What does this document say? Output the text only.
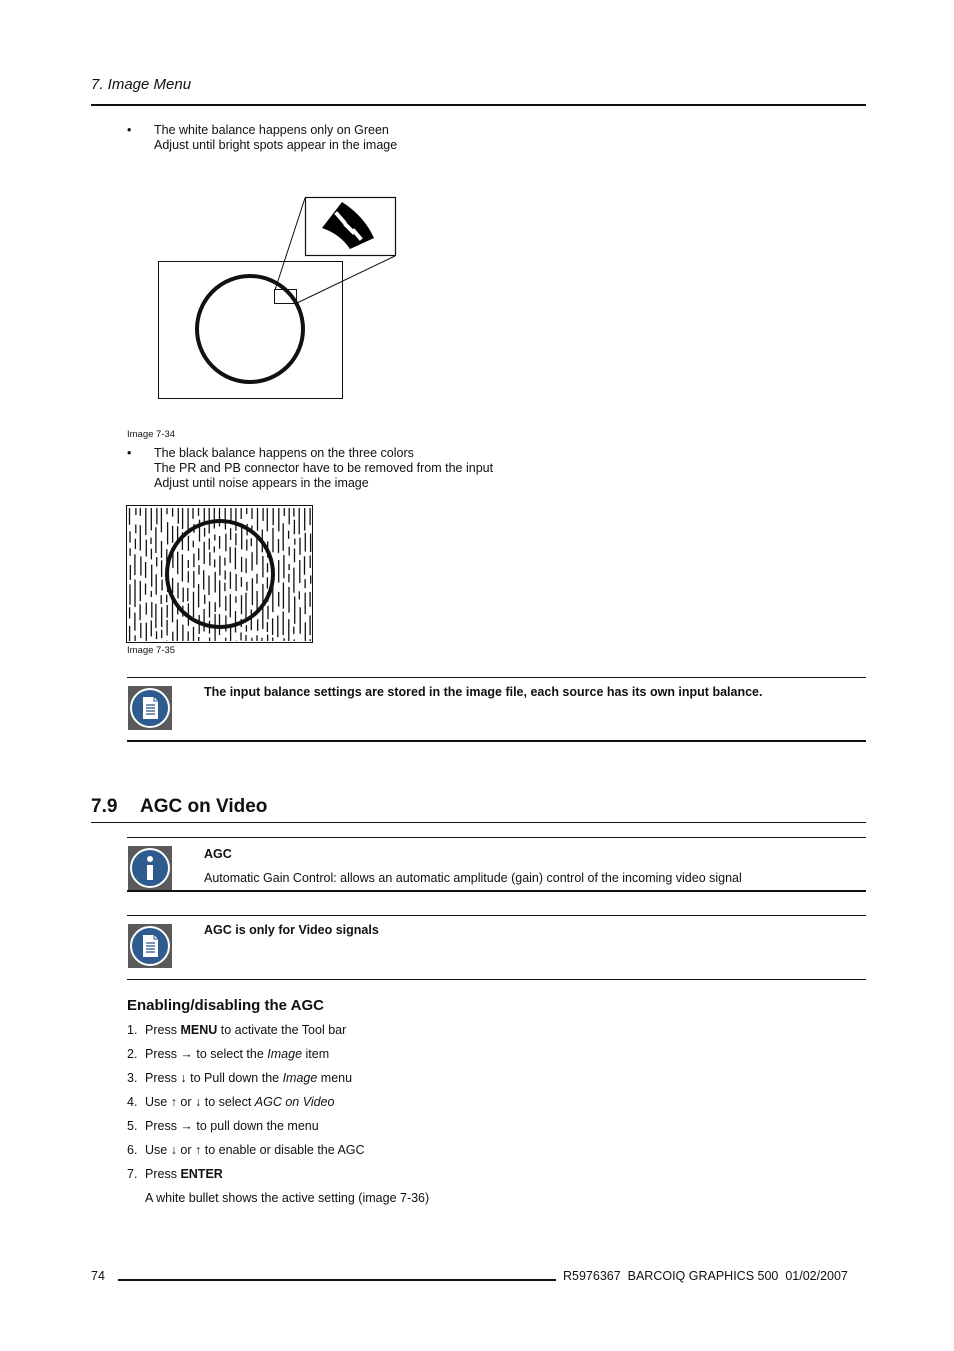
7. Image Menu
• The white balance happens only on Green
Adjust until bright spots appear in the image
Image 7-34
• The black balance happens on the three colors
The PR and PB connector have to be removed from the input
Adjust until noise appears in the image
Image 7-35
The input balance settings are stored in the image file, each source has its own input balance.
7.9 AGC on Video
AGC
Automatic Gain Control: allows an automatic amplitude (gain) control of the incoming video signal
AGC is only for Video signals
Enabling/disabling the AGC
1. Press MENU to activate the Tool bar
2. Press → to select the Image item
3. Press ↓ to Pull down the Image menu
4. Use ↑ or ↓ to select AGC on Video
5. Press → to pull down the menu
6. Use ↓ or ↑ to enable or disable the AGC
7. Press ENTER
A white bullet shows the active setting (image 7-36)
74	R5976367  BARCOIQ GRAPHICS 500  01/02/2007
